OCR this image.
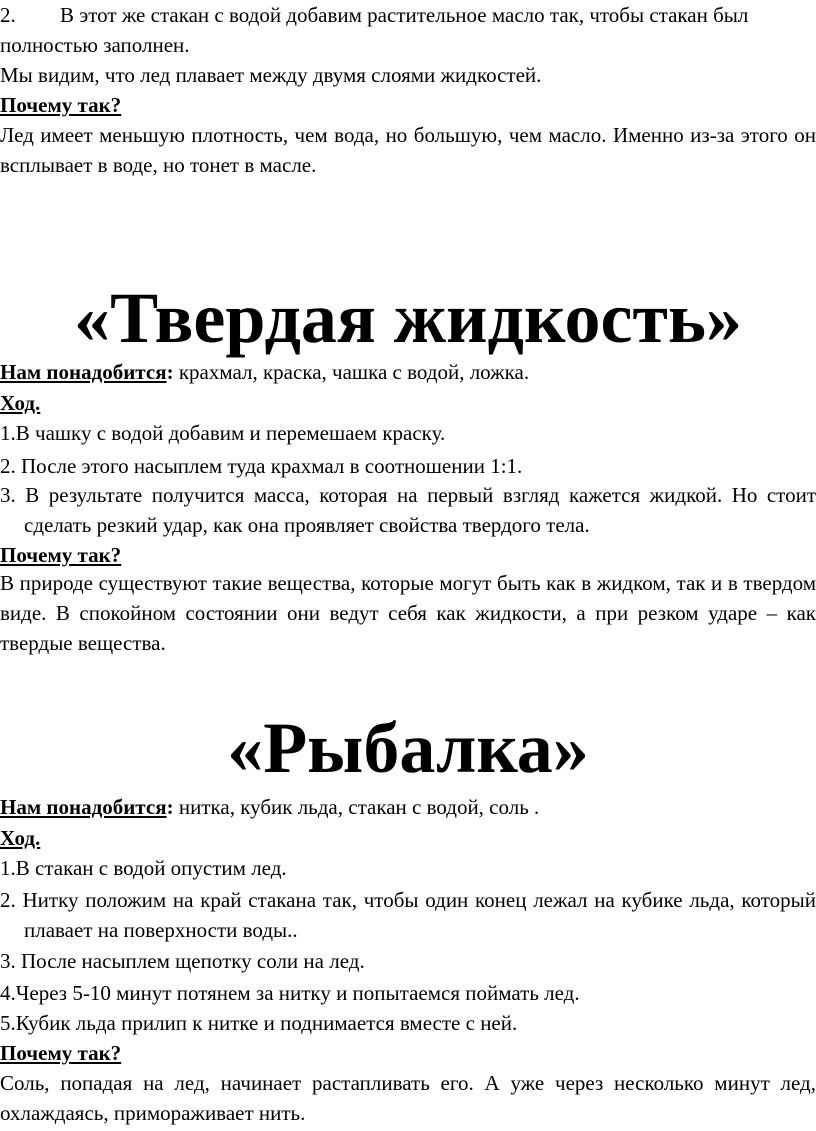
2. В этот же стакан с водой добавим растительное масло так, чтобы стакан был
полностью заполнен.
Мы видим, что лед плавает между двумя слоями жидкостей.
Почему так?
Лед имеет меньшую плотность, чем вода, но большую, чем масло. Именно из-за этого он всплывает в воде, но тонет в масле.
«Твердая жидкость»
Нам понадобится: крахмал, краска, чашка с водой, ложка.
Ход.
1.В чашку с водой добавим и перемешаем краску.
2. После этого насыплем туда крахмал в соотношении 1:1.
3. В результате получится масса, которая на первый взгляд кажется жидкой. Но стоит сделать резкий удар, как она проявляет свойства твердого тела.
Почему так?
В природе существуют такие вещества, которые могут быть как в жидком, так и в твердом виде. В спокойном состоянии они ведут себя как жидкости, а при резком ударе – как твердые вещества.
«Рыбалка»
Нам понадобится: нитка, кубик льда, стакан с водой, соль .
Ход.
1.В стакан с водой опустим лед.
2. Нитку положим на край стакана так, чтобы один конец лежал на кубике льда, который плавает на поверхности воды..
3. После насыплем щепотку соли на лед.
4.Через 5-10 минут потянем за нитку и попытаемся поймать лед.
5.Кубик льда прилип к нитке и поднимается вместе с ней.
Почему так?
Соль, попадая на лед, начинает растапливать его. А уже через несколько минут лед, охлаждаясь, примораживает нить.
